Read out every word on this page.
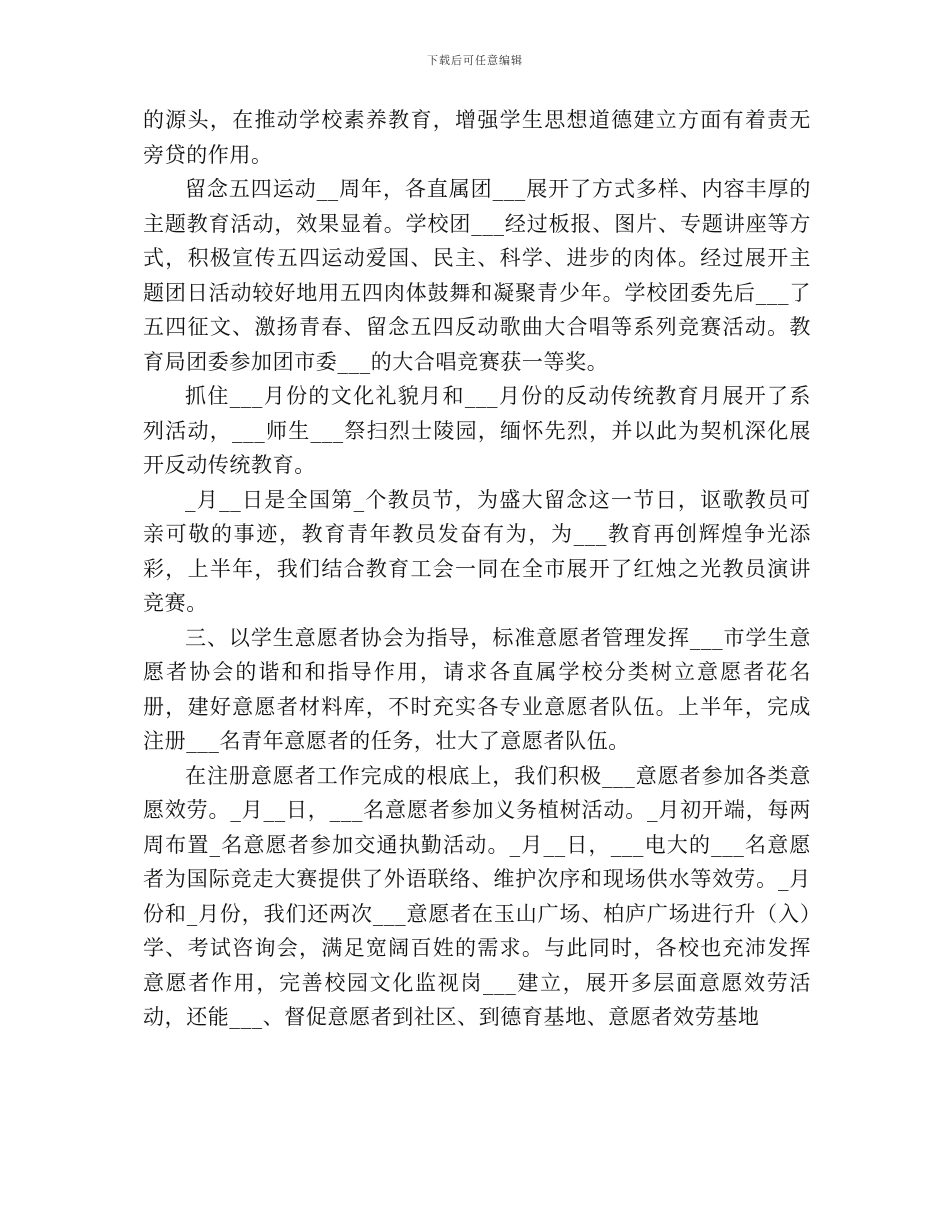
下载后可任意编辑

的源头，在推动学校素养教育，增强学生思想道德建立方面有着责无旁贷的作用。

留念五四运动__周年，各直属团___展开了方式多样、内容丰厚的主题教育活动，效果显着。学校团___经过板报、图片、专题讲座等方式，积极宣传五四运动爱国、民主、科学、进步的肉体。经过展开主题团日活动较好地用五四肉体鼓舞和凝聚青少年。学校团委先后___了五四征文、激扬青春、留念五四反动歌曲大合唱等系列竞赛活动。教育局团委参加团市委___的大合唱竞赛获一等奖。

抓住___月份的文化礼貌月和___月份的反动传统教育月展开了系列活动，___师生___祭扫烈士陵园，缅怀先烈，并以此为契机深化展开反动传统教育。

_月__日是全国第_个教员节，为盛大留念这一节日，讴歌教员可亲可敬的事迹，教育青年教员发奋有为，为___教育再创辉煌争光添彩，上半年，我们结合教育工会一同在全市展开了红烛之光教员演讲竞赛。

三、以学生意愿者协会为指导，标准意愿者管理发挥___市学生意愿者协会的谐和和指导作用，请求各直属学校分类树立意愿者花名册，建好意愿者材料库，不时充实各专业意愿者队伍。上半年，完成注册___名青年意愿者的任务，壮大了意愿者队伍。

在注册意愿者工作完成的根底上，我们积极___意愿者参加各类意愿效劳。_月__日，___名意愿者参加义务植树活动。_月初开端，每两周布置_名意愿者参加交通执勤活动。_月__日，___电大的___名意愿者为国际竞走大赛提供了外语联络、维护次序和现场供水等效劳。_月份和_月份，我们还两次___意愿者在玉山广场、柏庐广场进行升（入）学、考试咨询会，满足宽阔百姓的需求。与此同时，各校也充沛发挥意愿者作用，完善校园文化监视岗___建立，展开多层面意愿效劳活动，还能___、督促意愿者到社区、到德育基地、意愿者效劳基地
